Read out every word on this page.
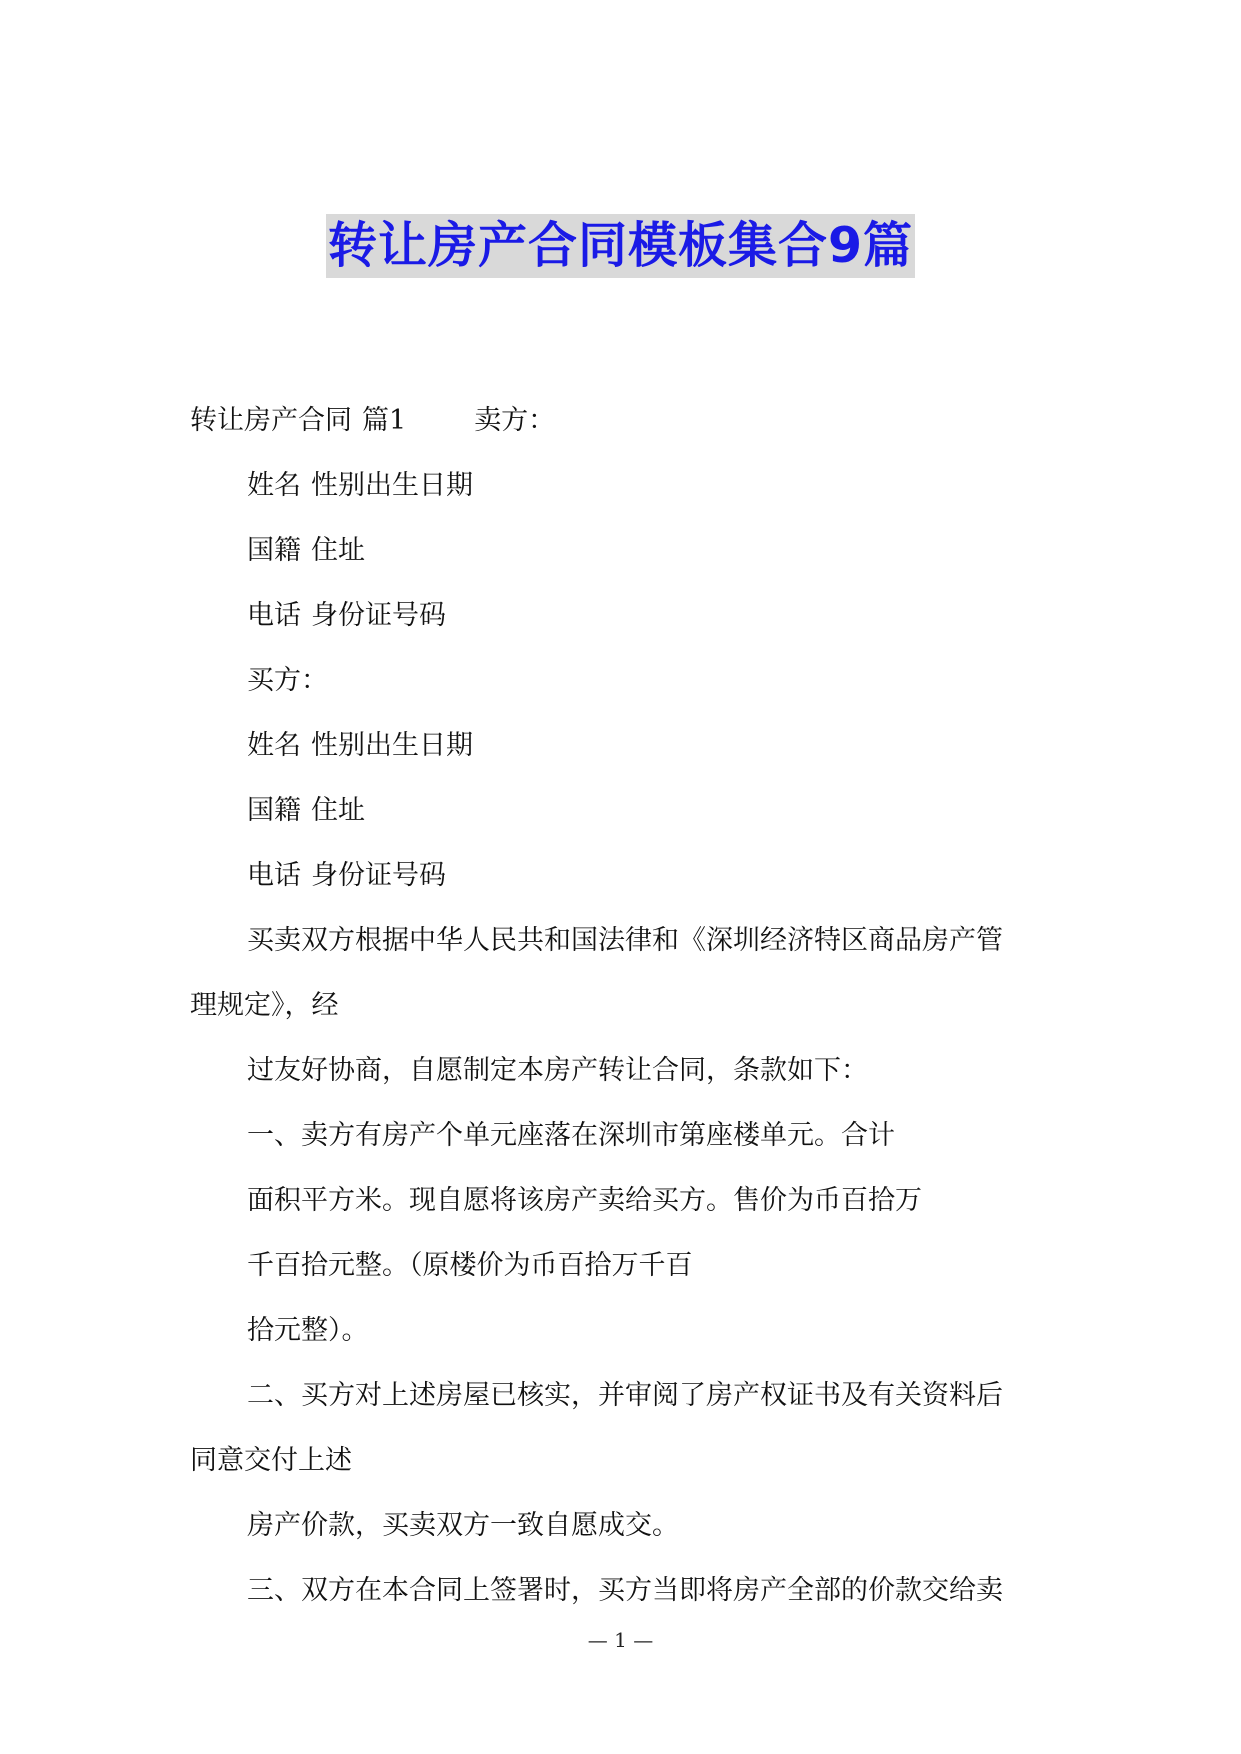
转让房产合同模板集合9篇
转让房产合同 篇1	卖方：
姓名 性别出生日期
国籍 住址
电话 身份证号码
买方：
姓名 性别出生日期
国籍 住址
电话 身份证号码
买卖双方根据中华人民共和国法律和《深圳经济特区商品房产管
理规定》，经
过友好协商，自愿制定本房产转让合同，条款如下：
一、卖方有房产个单元座落在深圳市第座楼单元。合计
面积平方米。现自愿将该房产卖给买方。售价为币百拾万
千百拾元整。（原楼价为币百拾万千百
拾元整）。
二、买方对上述房屋已核实，并审阅了房产权证书及有关资料后
同意交付上述
房产价款，买卖双方一致自愿成交。
三、双方在本合同上签署时，买方当即将房产全部的价款交给卖
— 1 —
